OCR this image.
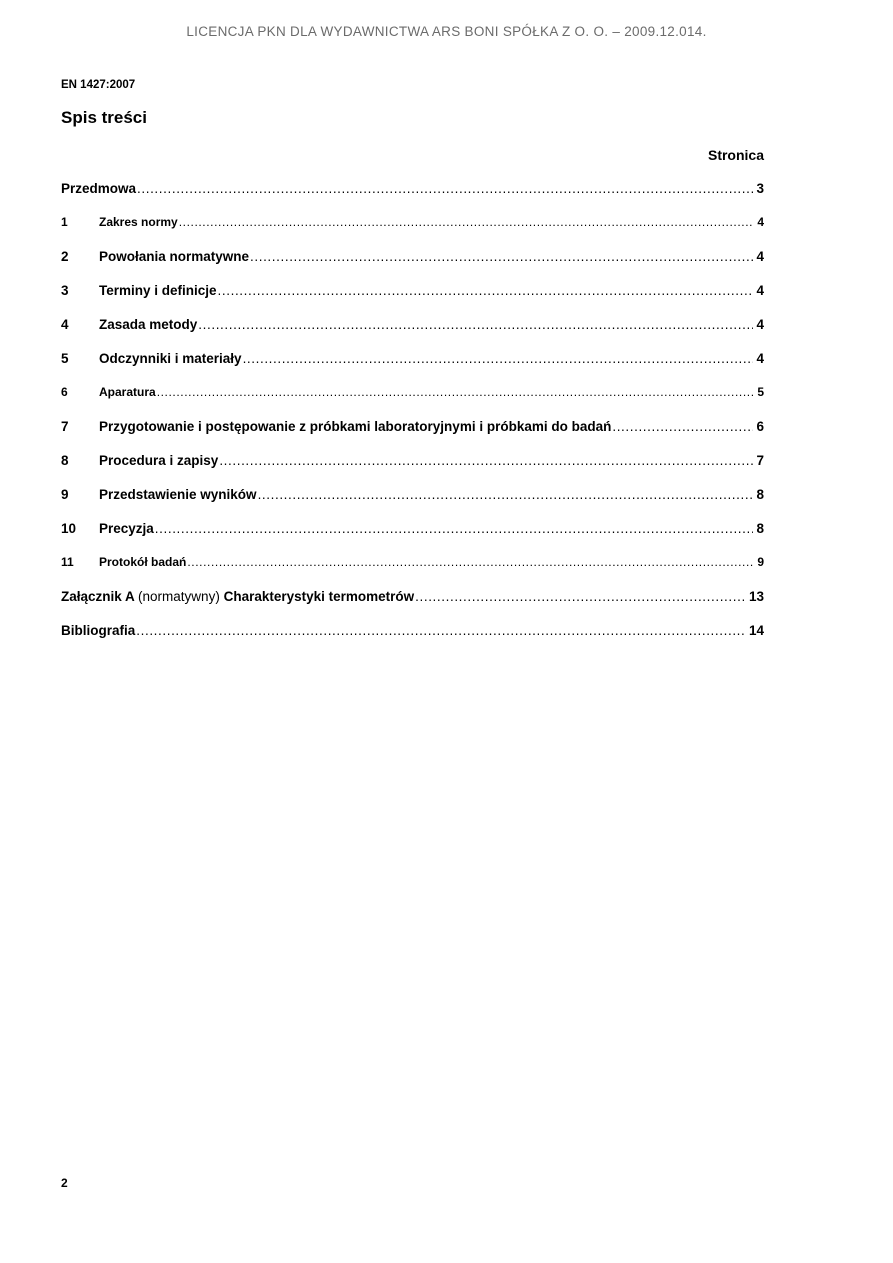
LICENCJA PKN DLA WYDAWNICTWA ARS BONI SPÓŁKA Z O. O. – 2009.12.014.
EN 1427:2007
Spis treści
Stronica
Przedmowa .....	3
1	Zakres normy .....	4
2	Powołania normatywne .....	4
3	Terminy i definicje .....	4
4	Zasada metody .....	4
5	Odczynniki i materiały .....	4
6	Aparatura .....	5
7	Przygotowanie i postępowanie z próbkami laboratoryjnymi i próbkami do badań .....	6
8	Procedura i zapisy .....	7
9	Przedstawienie wyników .....	8
10	Precyzja .....	8
11	Protokół badań .....	9
Załącznik A (normatywny) Charakterystyki termometrów .....	13
Bibliografia .....	14
2
